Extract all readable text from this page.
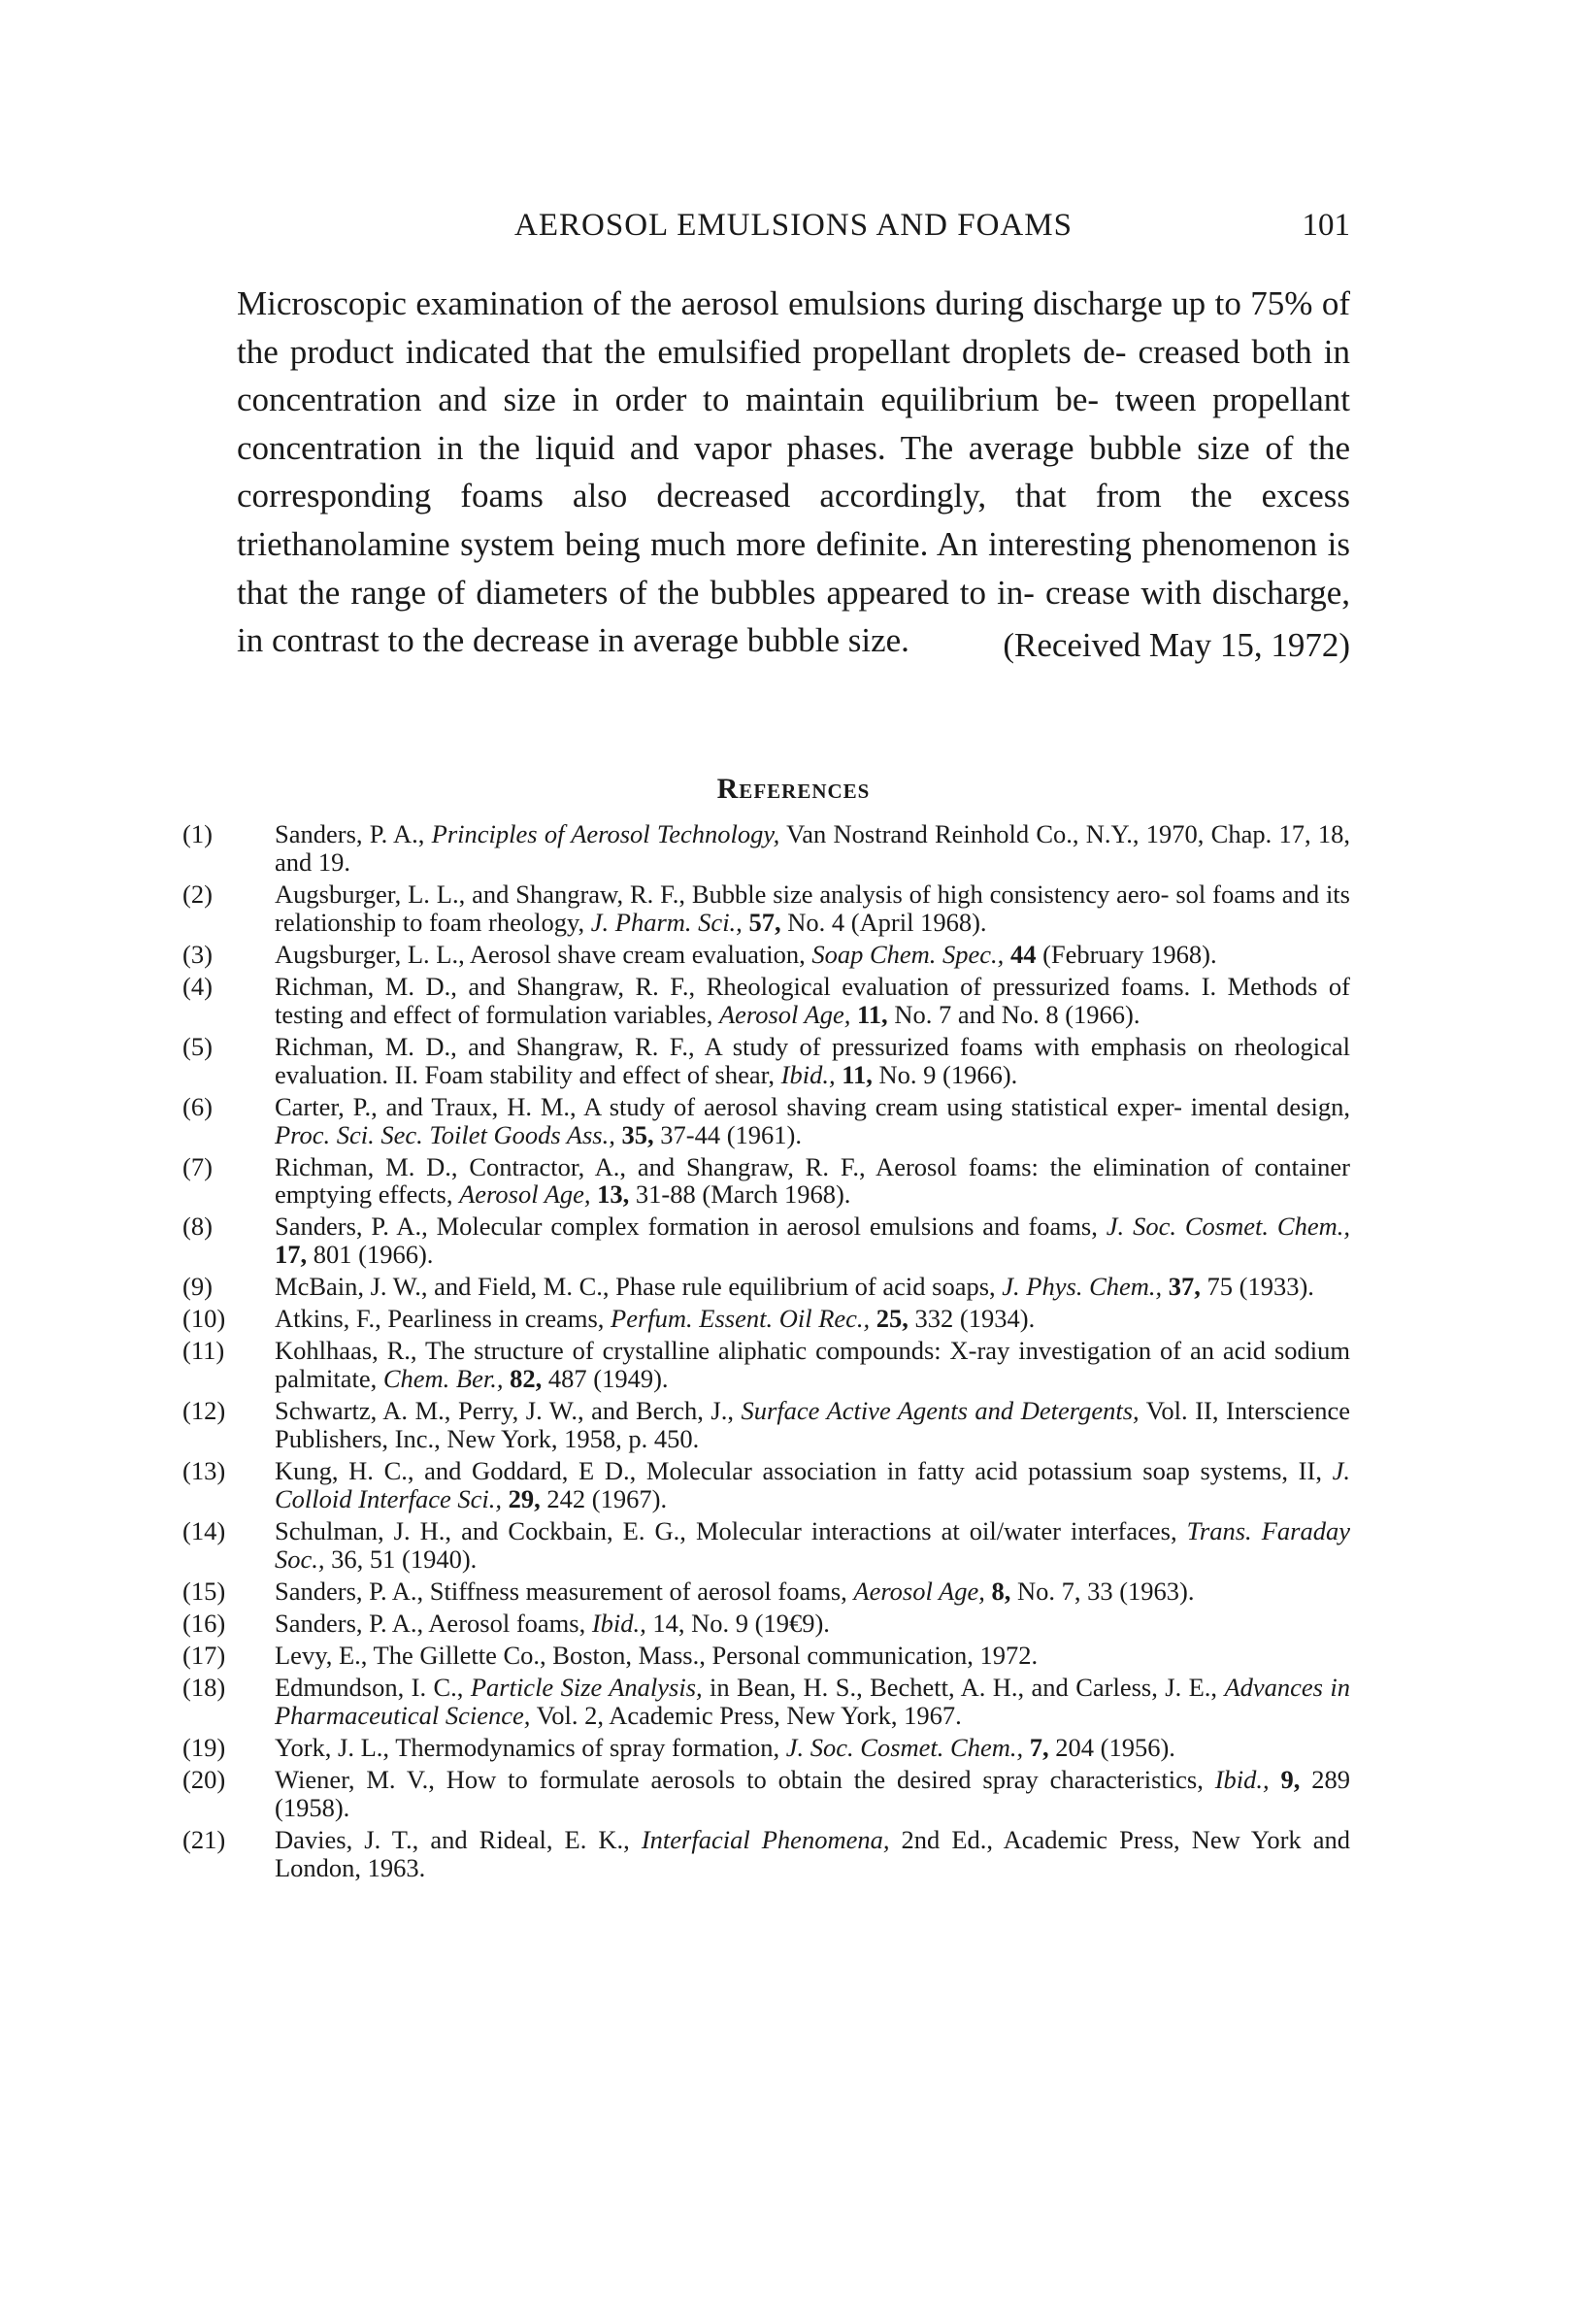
AEROSOL EMULSIONS AND FOAMS	101

Microscopic examination of the aerosol emulsions during discharge up to 75% of the product indicated that the emulsified propellant droplets de- creased both in concentration and size in order to maintain equilibrium be- tween propellant concentration in the liquid and vapor phases. The average bubble size of the corresponding foams also decreased accordingly, that from the excess triethanolamine system being much more definite. An interesting phenomenon is that the range of diameters of the bubbles appeared to in- crease with discharge, in contrast to the decrease in average bubble size.	(Received May 15, 1972)

References
(1)	Sanders, P. A., Principles of Aerosol Technology, Van Nostrand Reinhold Co., N.Y., 1970, Chap. 17, 18, and 19.
(2)	Augsburger, L. L., and Shangraw, R. F., Bubble size analysis of high consistency aero- sol foams and its relationship to foam rheology, J. Pharm. Sci., 57, No. 4 (April 1968).
(3)	Augsburger, L. L., Aerosol shave cream evaluation, Soap Chem. Spec., 44 (February 1968).
(4)	Richman, M. D., and Shangraw, R. F., Rheological evaluation of pressurized foams. I. Methods of testing and effect of formulation variables, Aerosol Age, 11, No. 7 and No. 8 (1966).
(5)	Richman, M. D., and Shangraw, R. F., A study of pressurized foams with emphasis on rheological evaluation. II. Foam stability and effect of shear, Ibid., 11, No. 9 (1966).
(6)	Carter, P., and Traux, H. M., A study of aerosol shaving cream using statistical exper- imental design, Proc. Sci. Sec. Toilet Goods Ass., 35, 37-44 (1961).
(7)	Richman, M. D., Contractor, A., and Shangraw, R. F., Aerosol foams: the elimination of container emptying effects, Aerosol Age, 13, 31-88 (March 1968).
(8)	Sanders, P. A., Molecular complex formation in aerosol emulsions and foams, J. Soc. Cosmet. Chem., 17, 801 (1966).
(9)	McBain, J. W., and Field, M. C., Phase rule equilibrium of acid soaps, J. Phys. Chem., 37, 75 (1933).
(10)	Atkins, F., Pearliness in creams, Perfum. Essent. Oil Rec., 25, 332 (1934).
(11)	Kohlhaas, R., The structure of crystalline aliphatic compounds: X-ray investigation of an acid sodium palmitate, Chem. Ber., 82, 487 (1949).
(12)	Schwartz, A. M., Perry, J. W., and Berch, J., Surface Active Agents and Detergents, Vol. II, Interscience Publishers, Inc., New York, 1958, p. 450.
(13)	Kung, H. C., and Goddard, E D., Molecular association in fatty acid potassium soap systems, II, J. Colloid Interface Sci., 29, 242 (1967).
(14)	Schulman, J. H., and Cockbain, E. G., Molecular interactions at oil/water interfaces, Trans. Faraday Soc., 36, 51 (1940).
(15)	Sanders, P. A., Stiffness measurement of aerosol foams, Aerosol Age, 8, No. 7, 33 (1963).
(16)	Sanders, P. A., Aerosol foams, Ibid., 14, No. 9 (19€9).
(17)	Levy, E., The Gillette Co., Boston, Mass., Personal communication, 1972.
(18)	Edmundson, I. C., Particle Size Analysis, in Bean, H. S., Bechett, A. H., and Carless, J. E., Advances in Pharmaceutical Science, Vol. 2, Academic Press, New York, 1967.
(19)	York, J. L., Thermodynamics of spray formation, J. Soc. Cosmet. Chem., 7, 204 (1956).
(20)	Wiener, M. V., How to formulate aerosols to obtain the desired spray characteristics, Ibid., 9, 289 (1958).
(21)	Davies, J. T., and Rideal, E. K., Interfacial Phenomena, 2nd Ed., Academic Press, New York and London, 1963.
